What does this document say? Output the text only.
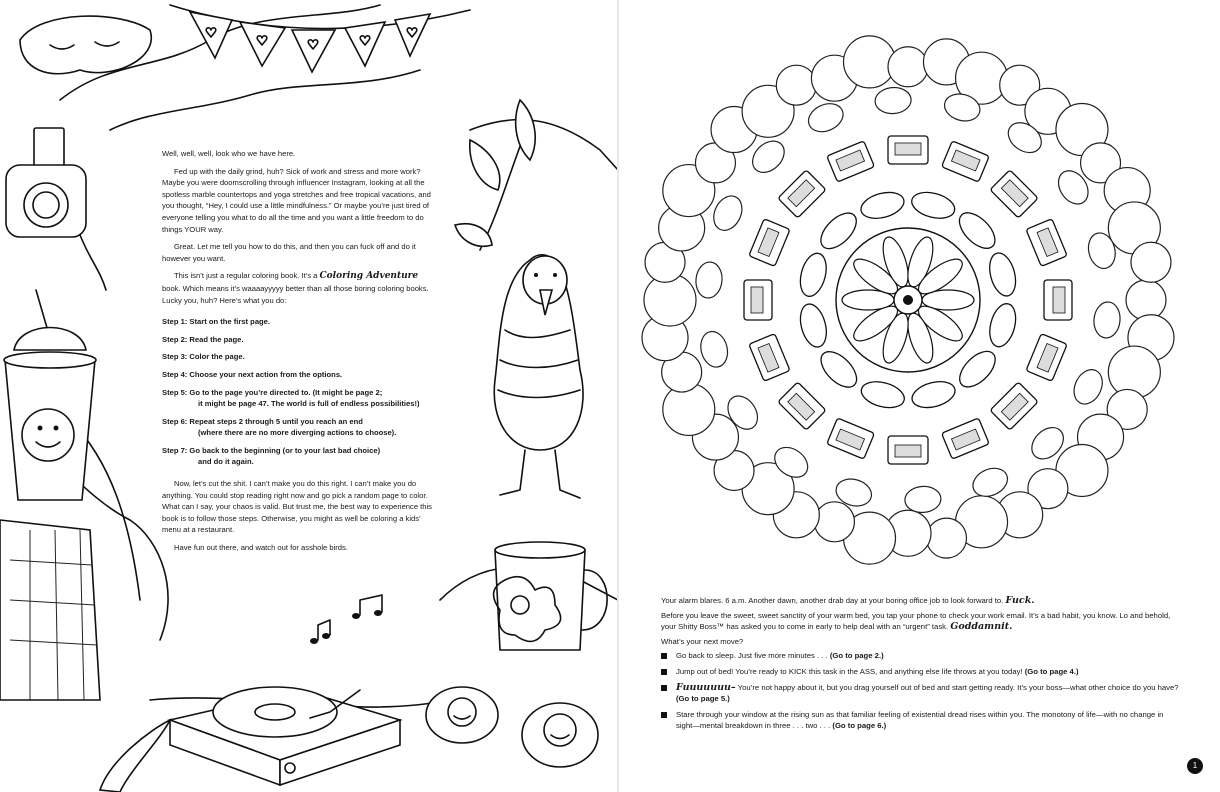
Well, well, well, look who we have here.

Fed up with the daily grind, huh? Sick of work and stress and more work? Maybe you were doomscrolling through influencer Instagram, looking at all the spotless marble countertops and yoga stretches and free tropical vacations, and you thought, “Hey, I could use a little mindfulness.” Or maybe you’re just tired of everyone telling you what to do all the time and you want a little freedom to do things YOUR way.

Great. Let me tell you how to do this, and then you can fuck off and do it however you want.

This isn’t just a regular coloring book. It’s a Coloring Adventure book. Which means it’s waaaayyyyy better than all those boring coloring books. Lucky you, huh? Here’s what you do:

Step 1: Start on the first page.
Step 2: Read the page.
Step 3: Color the page.
Step 4: Choose your next action from the options.
Step 5: Go to the page you’re directed to. (It might be page 2;
it might be page 47. The world is full of endless possibilities!)
Step 6: Repeat steps 2 through 5 until you reach an end
(where there are no more diverging actions to choose).
Step 7: Go back to the beginning (or to your last bad choice)
and do it again.

Now, let’s cut the shit. I can’t make you do this right. I can’t make you do anything. You could stop reading right now and go pick a random page to color. What can I say, your chaos is valid. But trust me, the best way to experience this book is to follow those steps. Otherwise, you might as well be coloring a kids’ menu at a restaurant.

Have fun out there, and watch out for asshole birds.

Your alarm blares. 6 a.m. Another dawn, another drab day at your boring office job to look forward to. Fuck.

Before you leave the sweet, sweet sanctity of your warm bed, you tap your phone to check your work email. It’s a bad habit, you know. Lo and behold, your Shitty Boss™ has asked you to come in early to help deal with an “urgent” task. Goddamnit.

What’s your next move?

Go back to sleep. Just five more minutes . . . (Go to page 2.)
Jump out of bed! You’re ready to KICK this task in the ASS, and anything else life throws at you today! (Go to page 4.)
Fuuuuuuu– You’re not happy about it, but you drag yourself out of bed and start getting ready. It’s your boss—what other choice do you have? (Go to page 5.)
Stare through your window at the rising sun as that familiar feeling of existential dread rises within you. The monotony of life—with no change in sight—mental breakdown in three . . . two . . . (Go to page 6.)
1
